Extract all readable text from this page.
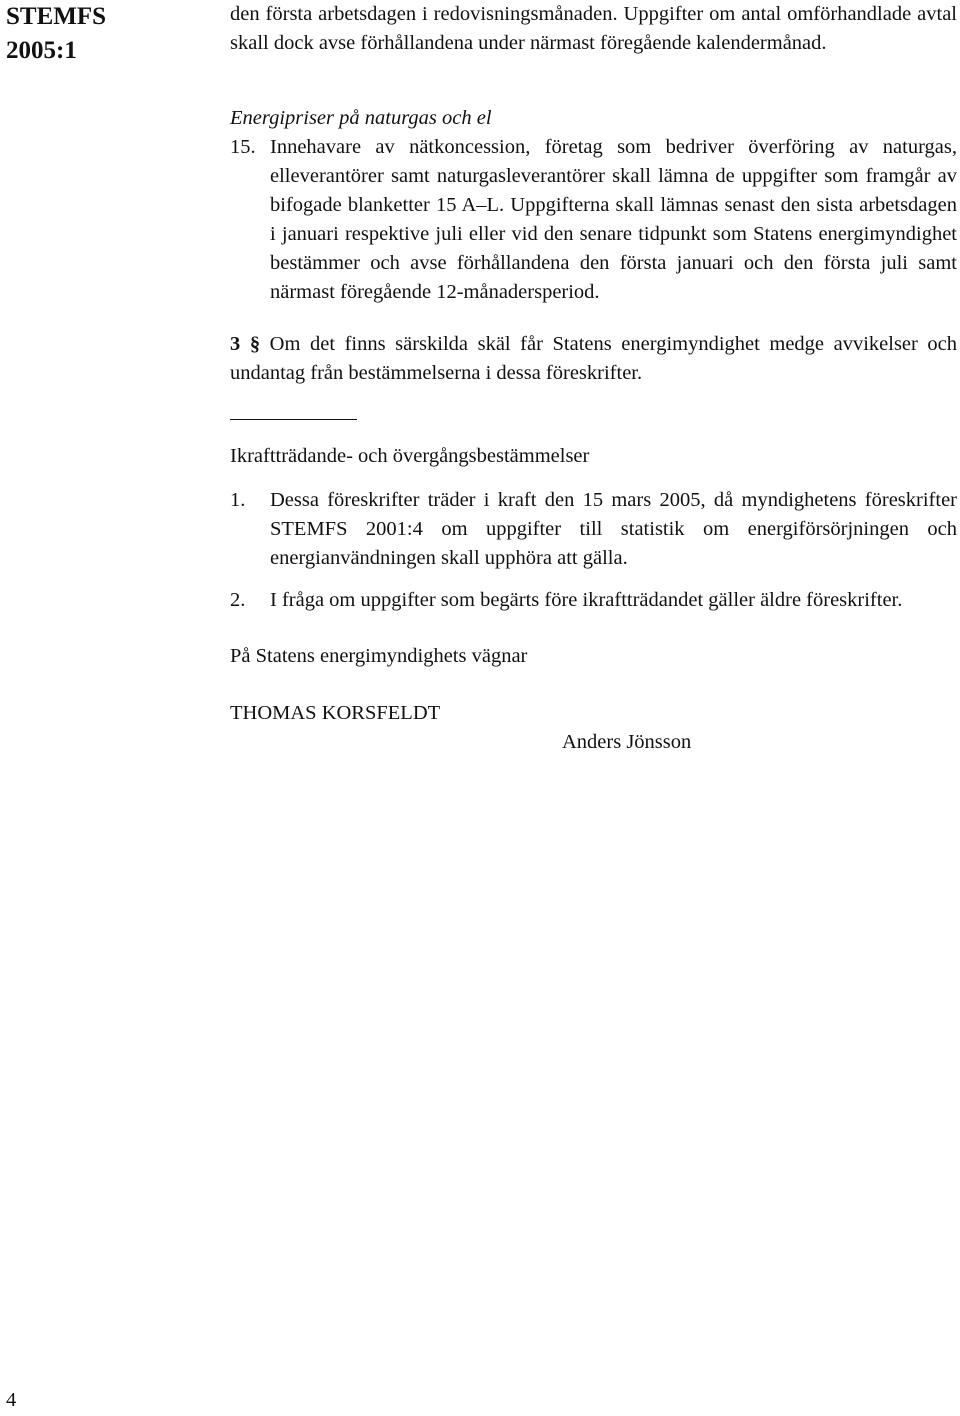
STEMFS
2005:1

den första arbetsdagen i redovisningsmånaden. Uppgifter om antal omförhandlade avtal skall dock avse förhållandena under närmast föregående kalendermånad.

Energipriser på naturgas och el

15. Innehavare av nätkoncession, företag som bedriver överföring av naturgas, elleverantörer samt naturgasleverantörer skall lämna de uppgifter som framgår av bifogade blanketter 15 A–L. Uppgifterna skall lämnas senast den sista arbetsdagen i januari respektive juli eller vid den senare tidpunkt som Statens energimyndighet bestämmer och avse förhållandena den första januari och den första juli samt närmast föregående 12-månadersperiod.

3 § Om det finns särskilda skäl får Statens energimyndighet medge avvikelser och undantag från bestämmelserna i dessa föreskrifter.

Ikraftträdande- och övergångsbestämmelser

1.	Dessa föreskrifter träder i kraft den 15 mars 2005, då myndighetens föreskrifter STEMFS 2001:4 om uppgifter till statistik om energiförsörjningen och energianvändningen skall upphöra att gälla.
2.	I fråga om uppgifter som begärts före ikraftträdandet gäller äldre föreskrifter.

På Statens energimyndighets vägnar

THOMAS KORSFELDT

Anders Jönsson

4
